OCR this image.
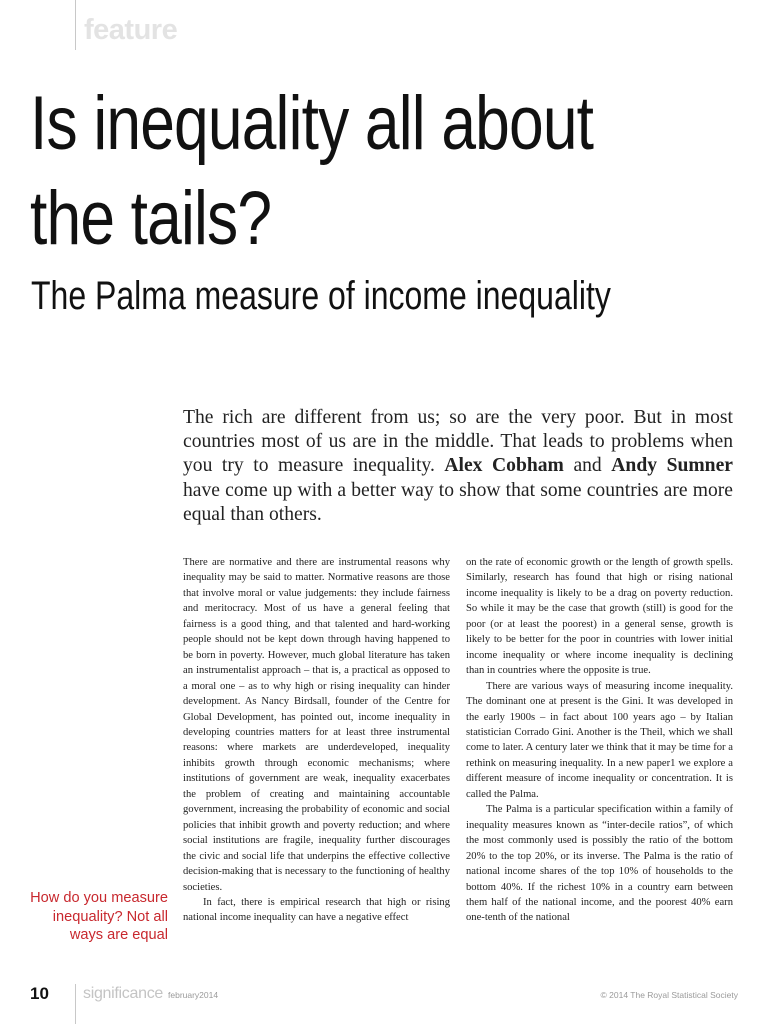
feature
Is inequality all about
the tails?
The Palma measure of income inequality

The rich are different from us; so are the very poor. But in most countries most of us are in the middle. That leads to problems when you try to measure inequality. Alex Cobham and Andy Sumner have come up with a better way to show that some countries are more equal than others.

There are normative and there are instrumental reasons why inequality may be said to matter. Normative reasons are those that involve moral or value judgements: they include fairness and meritocracy. Most of us have a general feeling that fairness is a good thing, and that talented and hard-working people should not be kept down through having happened to be born in poverty. However, much global literature has taken an instrumentalist approach – that is, a practical as opposed to a moral one – as to why high or rising inequality can hinder development. As Nancy Birdsall, founder of the Centre for Global Development, has pointed out, income inequality in developing countries matters for at least three instrumental reasons: where markets are underdeveloped, inequality inhibits growth through economic mechanisms; where institutions of government are weak, inequality exacerbates the problem of creating and maintaining accountable government, increasing the probability of economic and social policies that inhibit growth and poverty reduction; and where social institutions are fragile, inequality further discourages the civic and social life that underpins the effective collective decision-making that is necessary to the functioning of healthy societies.

In fact, there is empirical research that high or rising national income inequality can have a negative effect

on the rate of economic growth or the length of growth spells. Similarly, research has found that high or rising national income inequality is likely to be a drag on poverty reduction. So while it may be the case that growth (still) is good for the poor (or at least the poorest) in a general sense, growth is likely to be better for the poor in countries with lower initial income inequality or where income inequality is declining than in countries where the opposite is true.

There are various ways of measuring income inequality. The dominant one at present is the Gini. It was developed in the early 1900s – in fact about 100 years ago – by Italian statistician Corrado Gini. Another is the Theil, which we shall come to later. A century later we think that it may be time for a rethink on measuring inequality. In a new paper1 we explore a different measure of income inequality or concentration. It is called the Palma.

The Palma is a particular specification within a family of inequality measures known as “inter-decile ratios”, of which the most commonly used is possibly the ratio of the bottom 20% to the top 20%, or its inverse. The Palma is the ratio of national income shares of the top 10% of households to the bottom 40%. If the richest 10% in a country earn between them half of the national income, and the poorest 40% earn one-tenth of the national

How do you measure inequality? Not all ways are equal
10 significance february2014	© 2014 The Royal Statistical Society
